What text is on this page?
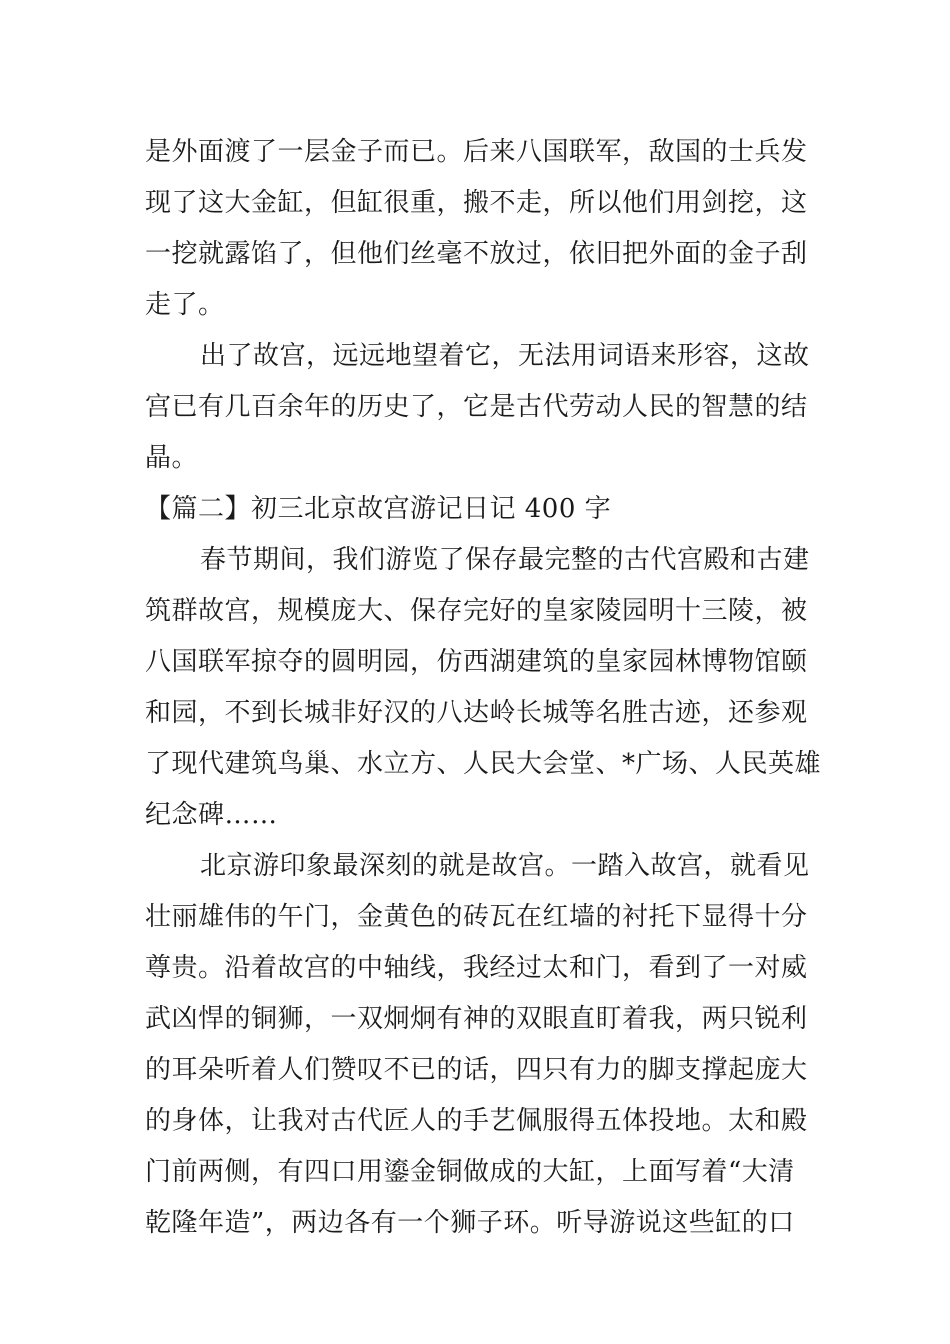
是外面渡了一层金子而已。后来八国联军，敌国的士兵发
现了这大金缸，但缸很重，搬不走，所以他们用剑挖，这
一挖就露馅了，但他们丝毫不放过，依旧把外面的金子刮
走了。
出了故宫，远远地望着它，无法用词语来形容，这故
宫已有几百余年的历史了，它是古代劳动人民的智慧的结
晶。
【篇二】初三北京故宫游记日记 400 字
春节期间，我们游览了保存最完整的古代宫殿和古建
筑群故宫，规模庞大、保存完好的皇家陵园明十三陵，被
八国联军掠夺的圆明园，仿西湖建筑的皇家园林博物馆颐
和园，不到长城非好汉的八达岭长城等名胜古迹，还参观
了现代建筑鸟巢、水立方、人民大会堂、*广场、人民英雄
纪念碑……
北京游印象最深刻的就是故宫。一踏入故宫，就看见
壮丽雄伟的午门，金黄色的砖瓦在红墙的衬托下显得十分
尊贵。沿着故宫的中轴线，我经过太和门，看到了一对威
武凶悍的铜狮，一双炯炯有神的双眼直盯着我，两只锐利
的耳朵听着人们赞叹不已的话，四只有力的脚支撑起庞大
的身体，让我对古代匠人的手艺佩服得五体投地。太和殿
门前两侧，有四口用鎏金铜做成的大缸，上面写着“大清
乾隆年造”，两边各有一个狮子环。听导游说这些缸的口
